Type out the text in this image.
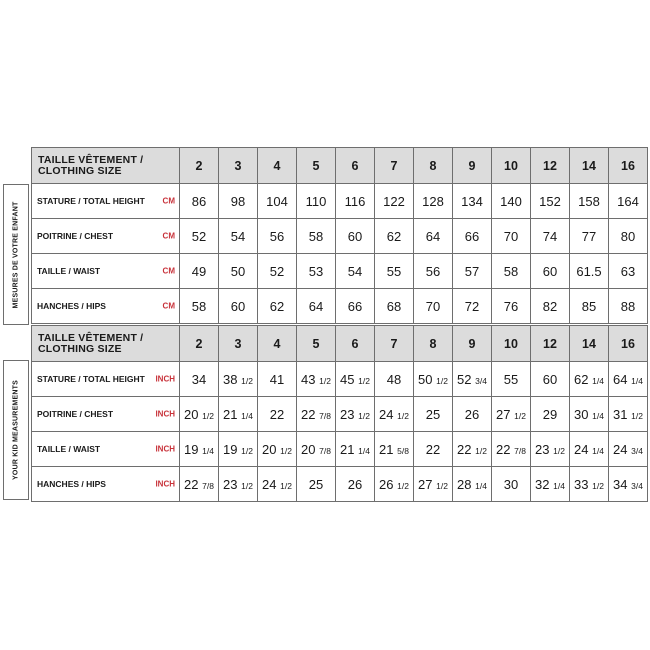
MESURES DE VOTRE ENFANT
YOUR KID MEASUREMENTS
TAILLE VÊTEMENT /
CLOTHING SIZE	2	3	4	5	6	7	8	9	10	12	14	16

STATURE / TOTAL HEIGHT CM	86	98	104	110	116	122	128	134	140	152	158	164

POITRINE / CHEST CM	52	54	56	58	60	62	64	66	70	74	77	80

TAILLE / WAIST CM	49	50	52	53	54	55	56	57	58	60	61.5	63

HANCHES / HIPS CM	58	60	62	64	66	68	70	72	76	82	85	88
TAILLE VÊTEMENT /
CLOTHING SIZE	2	3	4	5	6	7	8	9	10	12	14	16

STATURE / TOTAL HEIGHT INCH	34	38 1/2	41	43 1/2	45 1/2	48	50 1/2	52 3/4	55	60	62 1/4	64 1/4

POITRINE / CHEST INCH	20 1/2	21 1/4	22	22 7/8	23 1/2	24 1/2	25	26	27 1/2	29	30 1/4	31 1/2

TAILLE / WAIST INCH	19 1/4	19 1/2	20 1/2	20 7/8	21 1/4	21 5/8	22	22 1/2	22 7/8	23 1/2	24 1/4	24 3/4

HANCHES / HIPS INCH	22 7/8	23 1/2	24 1/2	25	26	26 1/2	27 1/2	28 1/4	30	32 1/4	33 1/2	34 3/4
